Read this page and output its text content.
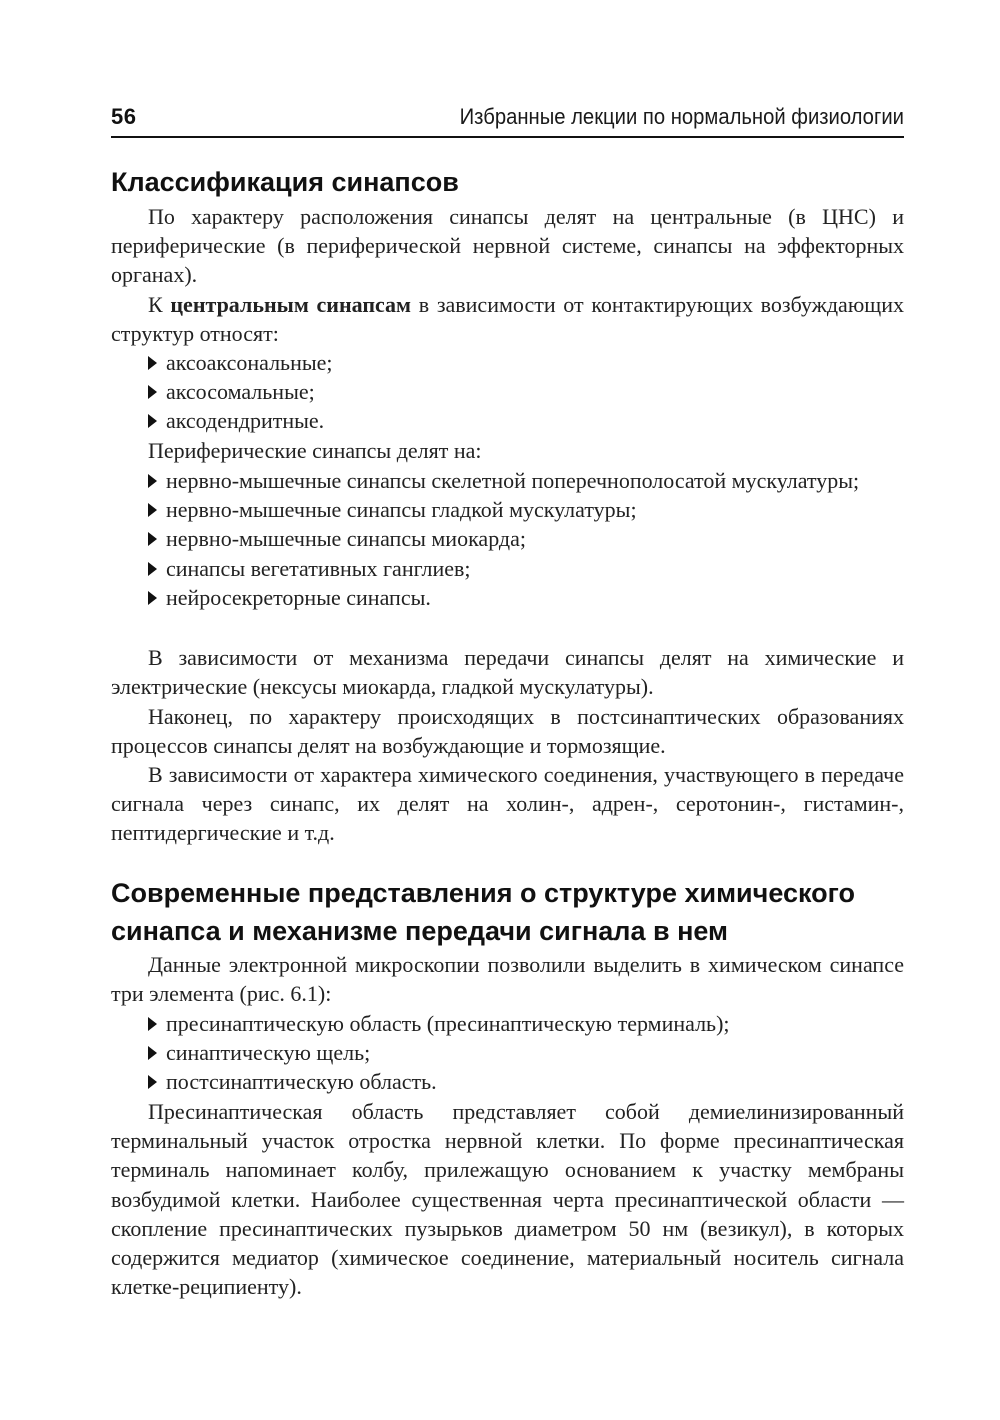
56	Избранные лекции по нормальной физиологии
Классификация синапсов

По характеру расположения синапсы делят на центральные (в ЦНС) и периферические (в периферической нервной системе, синапсы на эффекторных органах).

К центральным синапсам в зависимости от контактирующих возбуждающих структур относят:

аксоаксональные;
аксосомальные;
аксодендритные.

Периферические синапсы делят на:

нервно-мышечные синапсы скелетной поперечнополосатой мускулатуры;
нервно-мышечные синапсы гладкой мускулатуры;
нервно-мышечные синапсы миокарда;
синапсы вегетативных ганглиев;
нейросекреторные синапсы.

В зависимости от механизма передачи синапсы делят на химические и электрические (нексусы миокарда, гладкой мускулатуры).

Наконец, по характеру происходящих в постсинаптических образованиях процессов синапсы делят на возбуждающие и тормозящие.

В зависимости от характера химического соединения, участвующего в передаче сигнала через синапс, их делят на холин-, адрен-, серотонин-, гистамин-, пептидергические и т.д.

Современные представления о структуре химического
синапса и механизме передачи сигнала в нем

Данные электронной микроскопии позволили выделить в химическом синапсе три элемента (рис. 6.1):

пресинаптическую область (пресинаптическую терминаль);
синаптическую щель;
постсинаптическую область.

Пресинаптическая область представляет собой демиелинизированный терминальный участок отростка нервной клетки. По форме пресинаптическая терминаль напоминает колбу, прилежащую основанием к участку мембраны возбудимой клетки. Наиболее существенная черта пресинаптической области — скопление пресинаптических пузырьков диаметром 50 нм (везикул), в которых содержится медиатор (химическое соединение, материальный носитель сигнала клетке-реципиенту).
